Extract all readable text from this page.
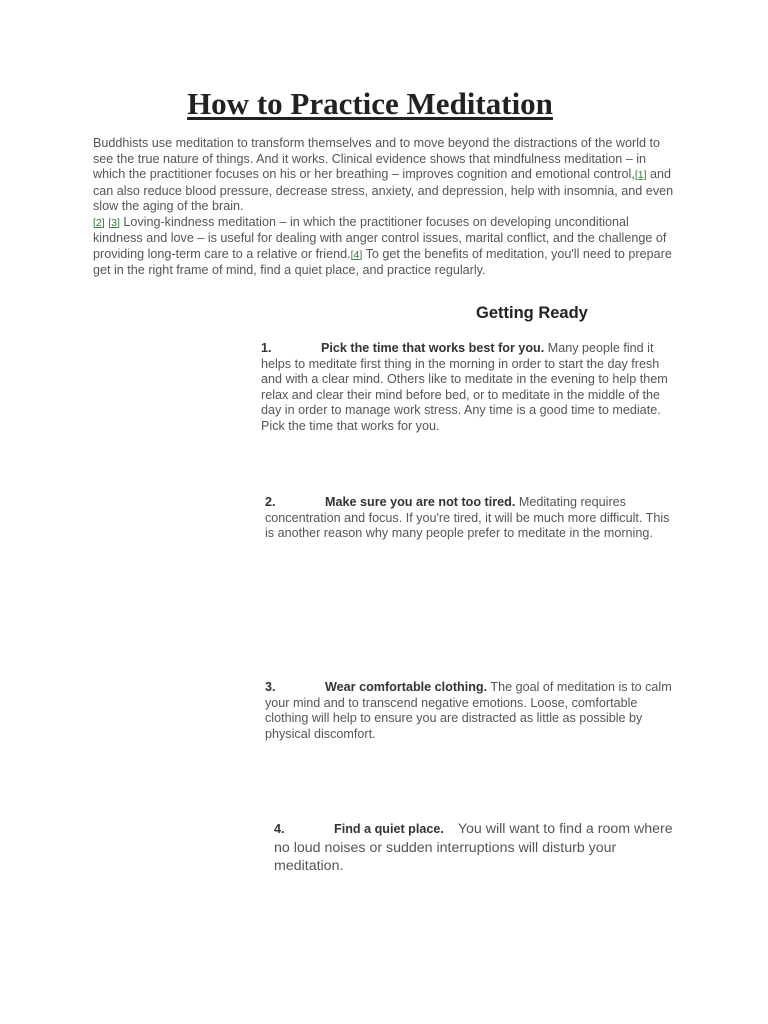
How to Practice Meditation

Buddhists use meditation to transform themselves and to move beyond the distractions of the world to see the true nature of things. And it works. Clinical evidence shows that mindfulness meditation – in which the practitioner focuses on his or her breathing – improves cognition and emotional control,[1] and can also reduce blood pressure, decrease stress, anxiety, and depression, help with insomnia, and even slow the aging of the brain.
[2] [3] Loving-kindness meditation – in which the practitioner focuses on developing unconditional kindness and love – is useful for dealing with anger control issues, marital conflict, and the challenge of providing long-term care to a relative or friend.[4] To get the benefits of meditation, you'll need to prepare get in the right frame of mind, find a quiet place, and practice regularly.

Getting Ready

1.	Pick the time that works best for you. Many people find it helps to meditate first thing in the morning in order to start the day fresh and with a clear mind. Others like to meditate in the evening to help them relax and clear their mind before bed, or to meditate in the middle of the day in order to manage work stress. Any time is a good time to mediate. Pick the time that works for you.

2.	Make sure you are not too tired. Meditating requires concentration and focus. If you're tired, it will be much more difficult. This is another reason why many people prefer to meditate in the morning.

3.	Wear comfortable clothing. The goal of meditation is to calm your mind and to transcend negative emotions. Loose, comfortable clothing will help to ensure you are distracted as little as possible by physical discomfort.

4.	Find a quiet place. You will want to find a room where no loud noises or sudden interruptions will disturb your meditation.
